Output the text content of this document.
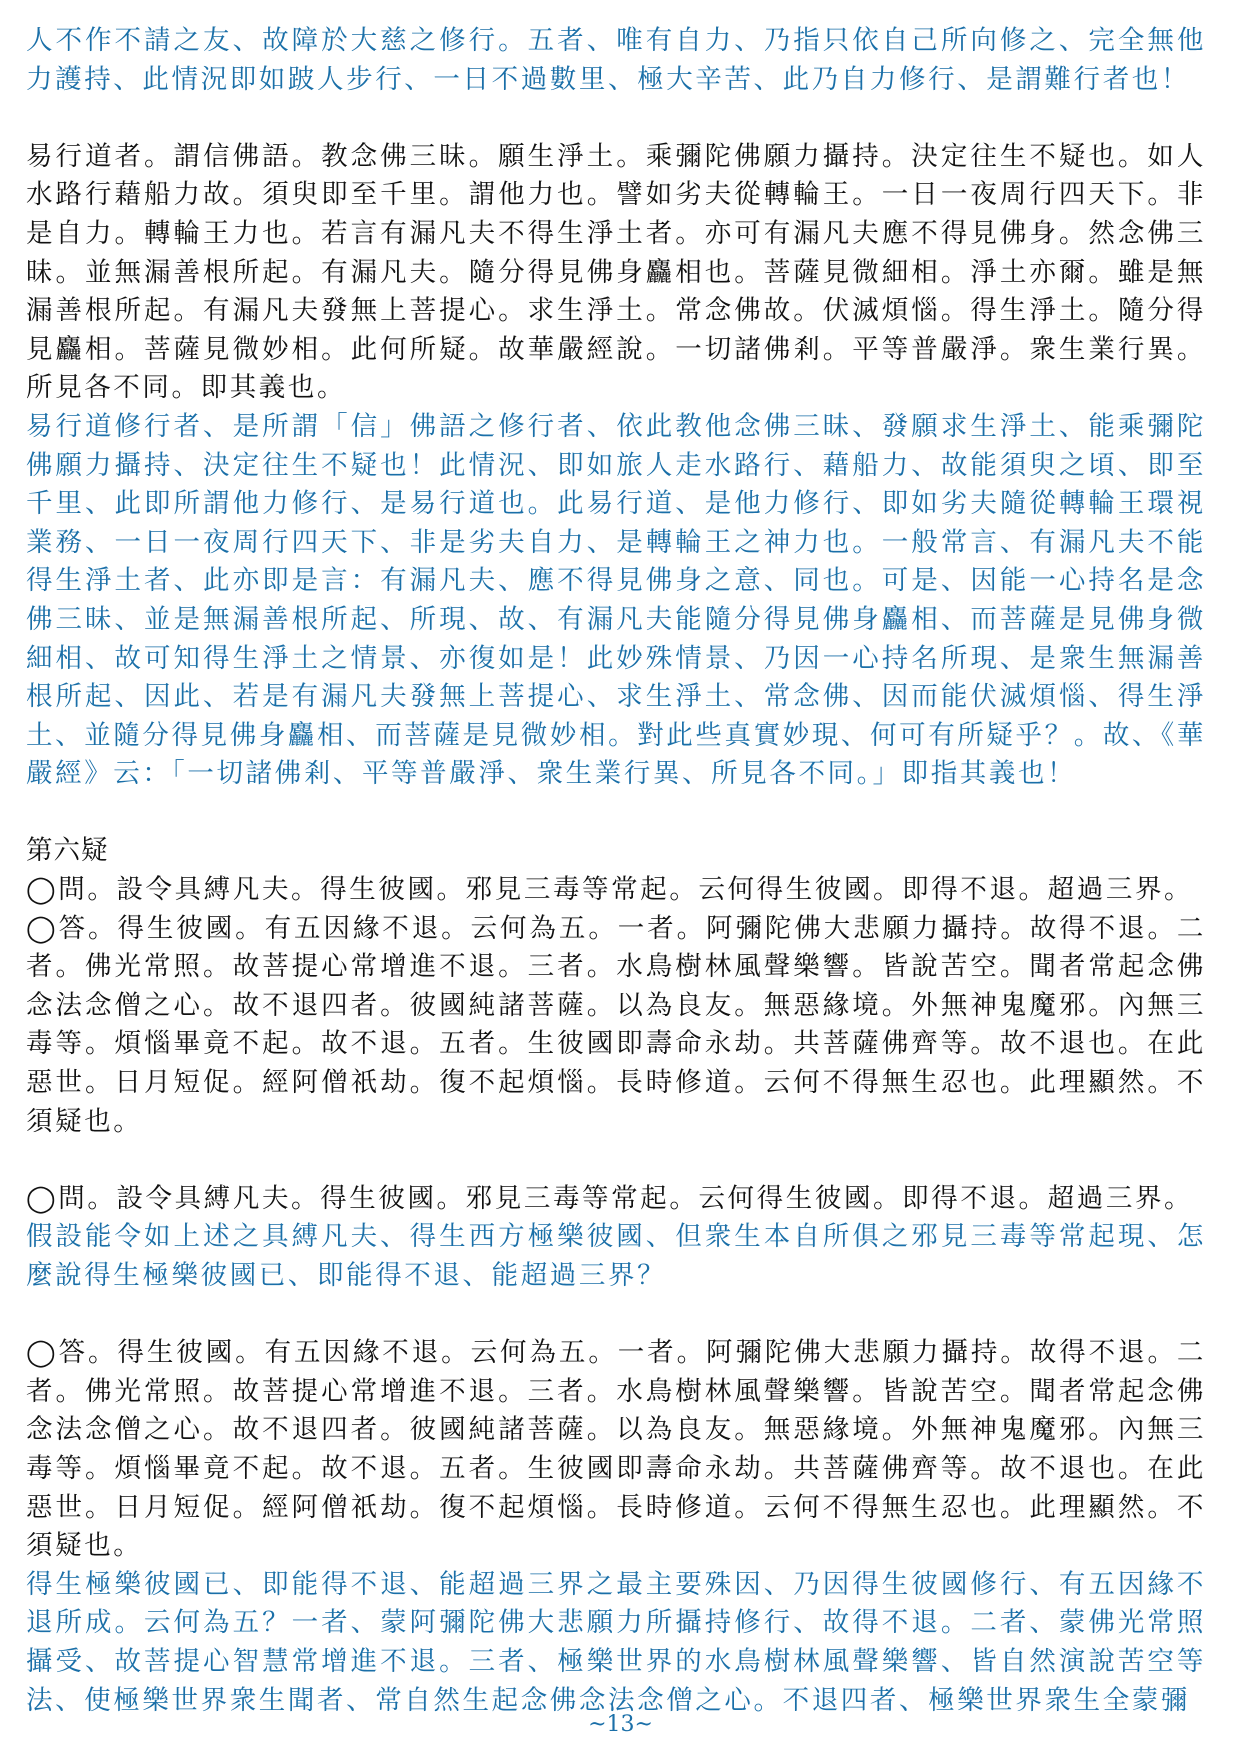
人不作不請之友、故障於大慈之修行。五者、唯有自力、乃指只依自己所向修之、完全無他力護持、此情況即如跛人步行、一日不過數里、極大辛苦、此乃自力修行、是謂難行者也！

易行道者。謂信佛語。教念佛三昧。願生淨土。乘彌陀佛願力攝持。決定往生不疑也。如人水路行藉船力故。須臾即至千里。謂他力也。譬如劣夫從轉輪王。一日一夜周行四天下。非是自力。轉輪王力也。若言有漏凡夫不得生淨土者。亦可有漏凡夫應不得見佛身。然念佛三昧。並無漏善根所起。有漏凡夫。隨分得見佛身麤相也。菩薩見微細相。淨土亦爾。雖是無漏善根所起。有漏凡夫發無上菩提心。求生淨土。常念佛故。伏滅煩惱。得生淨土。隨分得見麤相。菩薩見微妙相。此何所疑。故華嚴經說。一切諸佛剎。平等普嚴淨。衆生業行異。所見各不同。即其義也。

易行道修行者、是所謂「信」佛語之修行者、依此教他念佛三昧、發願求生淨土、能乘彌陀佛願力攝持、決定往生不疑也！此情況、即如旅人走水路行、藉船力、故能須臾之頃、即至千里、此即所謂他力修行、是易行道也。此易行道、是他力修行、即如劣夫隨從轉輪王環視業務、一日一夜周行四天下、非是劣夫自力、是轉輪王之神力也。一般常言、有漏凡夫不能得生淨土者、此亦即是言：有漏凡夫、應不得見佛身之意、同也。可是、因能一心持名是念佛三昧、並是無漏善根所起、所現、故、有漏凡夫能隨分得見佛身麤相、而菩薩是見佛身微細相、故可知得生淨土之情景、亦復如是！此妙殊情景、乃因一心持名所現、是衆生無漏善根所起、因此、若是有漏凡夫發無上菩提心、求生淨土、常念佛、因而能伏滅煩惱、得生淨土、並隨分得見佛身麤相、而菩薩是見微妙相。對此些真實妙現、何可有所疑乎？。故、《華嚴經》云：「一切諸佛剎、平等普嚴淨、衆生業行異、所見各不同。」即指其義也！

第六疑

◯問。設令具縛凡夫。得生彼國。邪見三毒等常起。云何得生彼國。即得不退。超過三界。

◯答。得生彼國。有五因緣不退。云何為五。一者。阿彌陀佛大悲願力攝持。故得不退。二者。佛光常照。故菩提心常增進不退。三者。水鳥樹林風聲樂響。皆說苦空。聞者常起念佛念法念僧之心。故不退四者。彼國純諸菩薩。以為良友。無惡緣境。外無神鬼魔邪。內無三毒等。煩惱畢竟不起。故不退。五者。生彼國即壽命永劫。共菩薩佛齊等。故不退也。在此惡世。日月短促。經阿僧祇劫。復不起煩惱。長時修道。云何不得無生忍也。此理顯然。不須疑也。

◯問。設令具縛凡夫。得生彼國。邪見三毒等常起。云何得生彼國。即得不退。超過三界。

假設能令如上述之具縛凡夫、得生西方極樂彼國、但衆生本自所俱之邪見三毒等常起現、怎麼說得生極樂彼國已、即能得不退、能超過三界？

◯答。得生彼國。有五因緣不退。云何為五。一者。阿彌陀佛大悲願力攝持。故得不退。二者。佛光常照。故菩提心常增進不退。三者。水鳥樹林風聲樂響。皆說苦空。聞者常起念佛念法念僧之心。故不退四者。彼國純諸菩薩。以為良友。無惡緣境。外無神鬼魔邪。內無三毒等。煩惱畢竟不起。故不退。五者。生彼國即壽命永劫。共菩薩佛齊等。故不退也。在此惡世。日月短促。經阿僧祇劫。復不起煩惱。長時修道。云何不得無生忍也。此理顯然。不須疑也。

得生極樂彼國已、即能得不退、能超過三界之最主要殊因、乃因得生彼國修行、有五因緣不退所成。云何為五？一者、蒙阿彌陀佛大悲願力所攝持修行、故得不退。二者、蒙佛光常照攝受、故菩提心智慧常增進不退。三者、極樂世界的水鳥樹林風聲樂響、皆自然演說苦空等法、使極樂世界衆生聞者、常自然生起念佛念法念僧之心。不退四者、極樂世界衆生全蒙彌

~13~
